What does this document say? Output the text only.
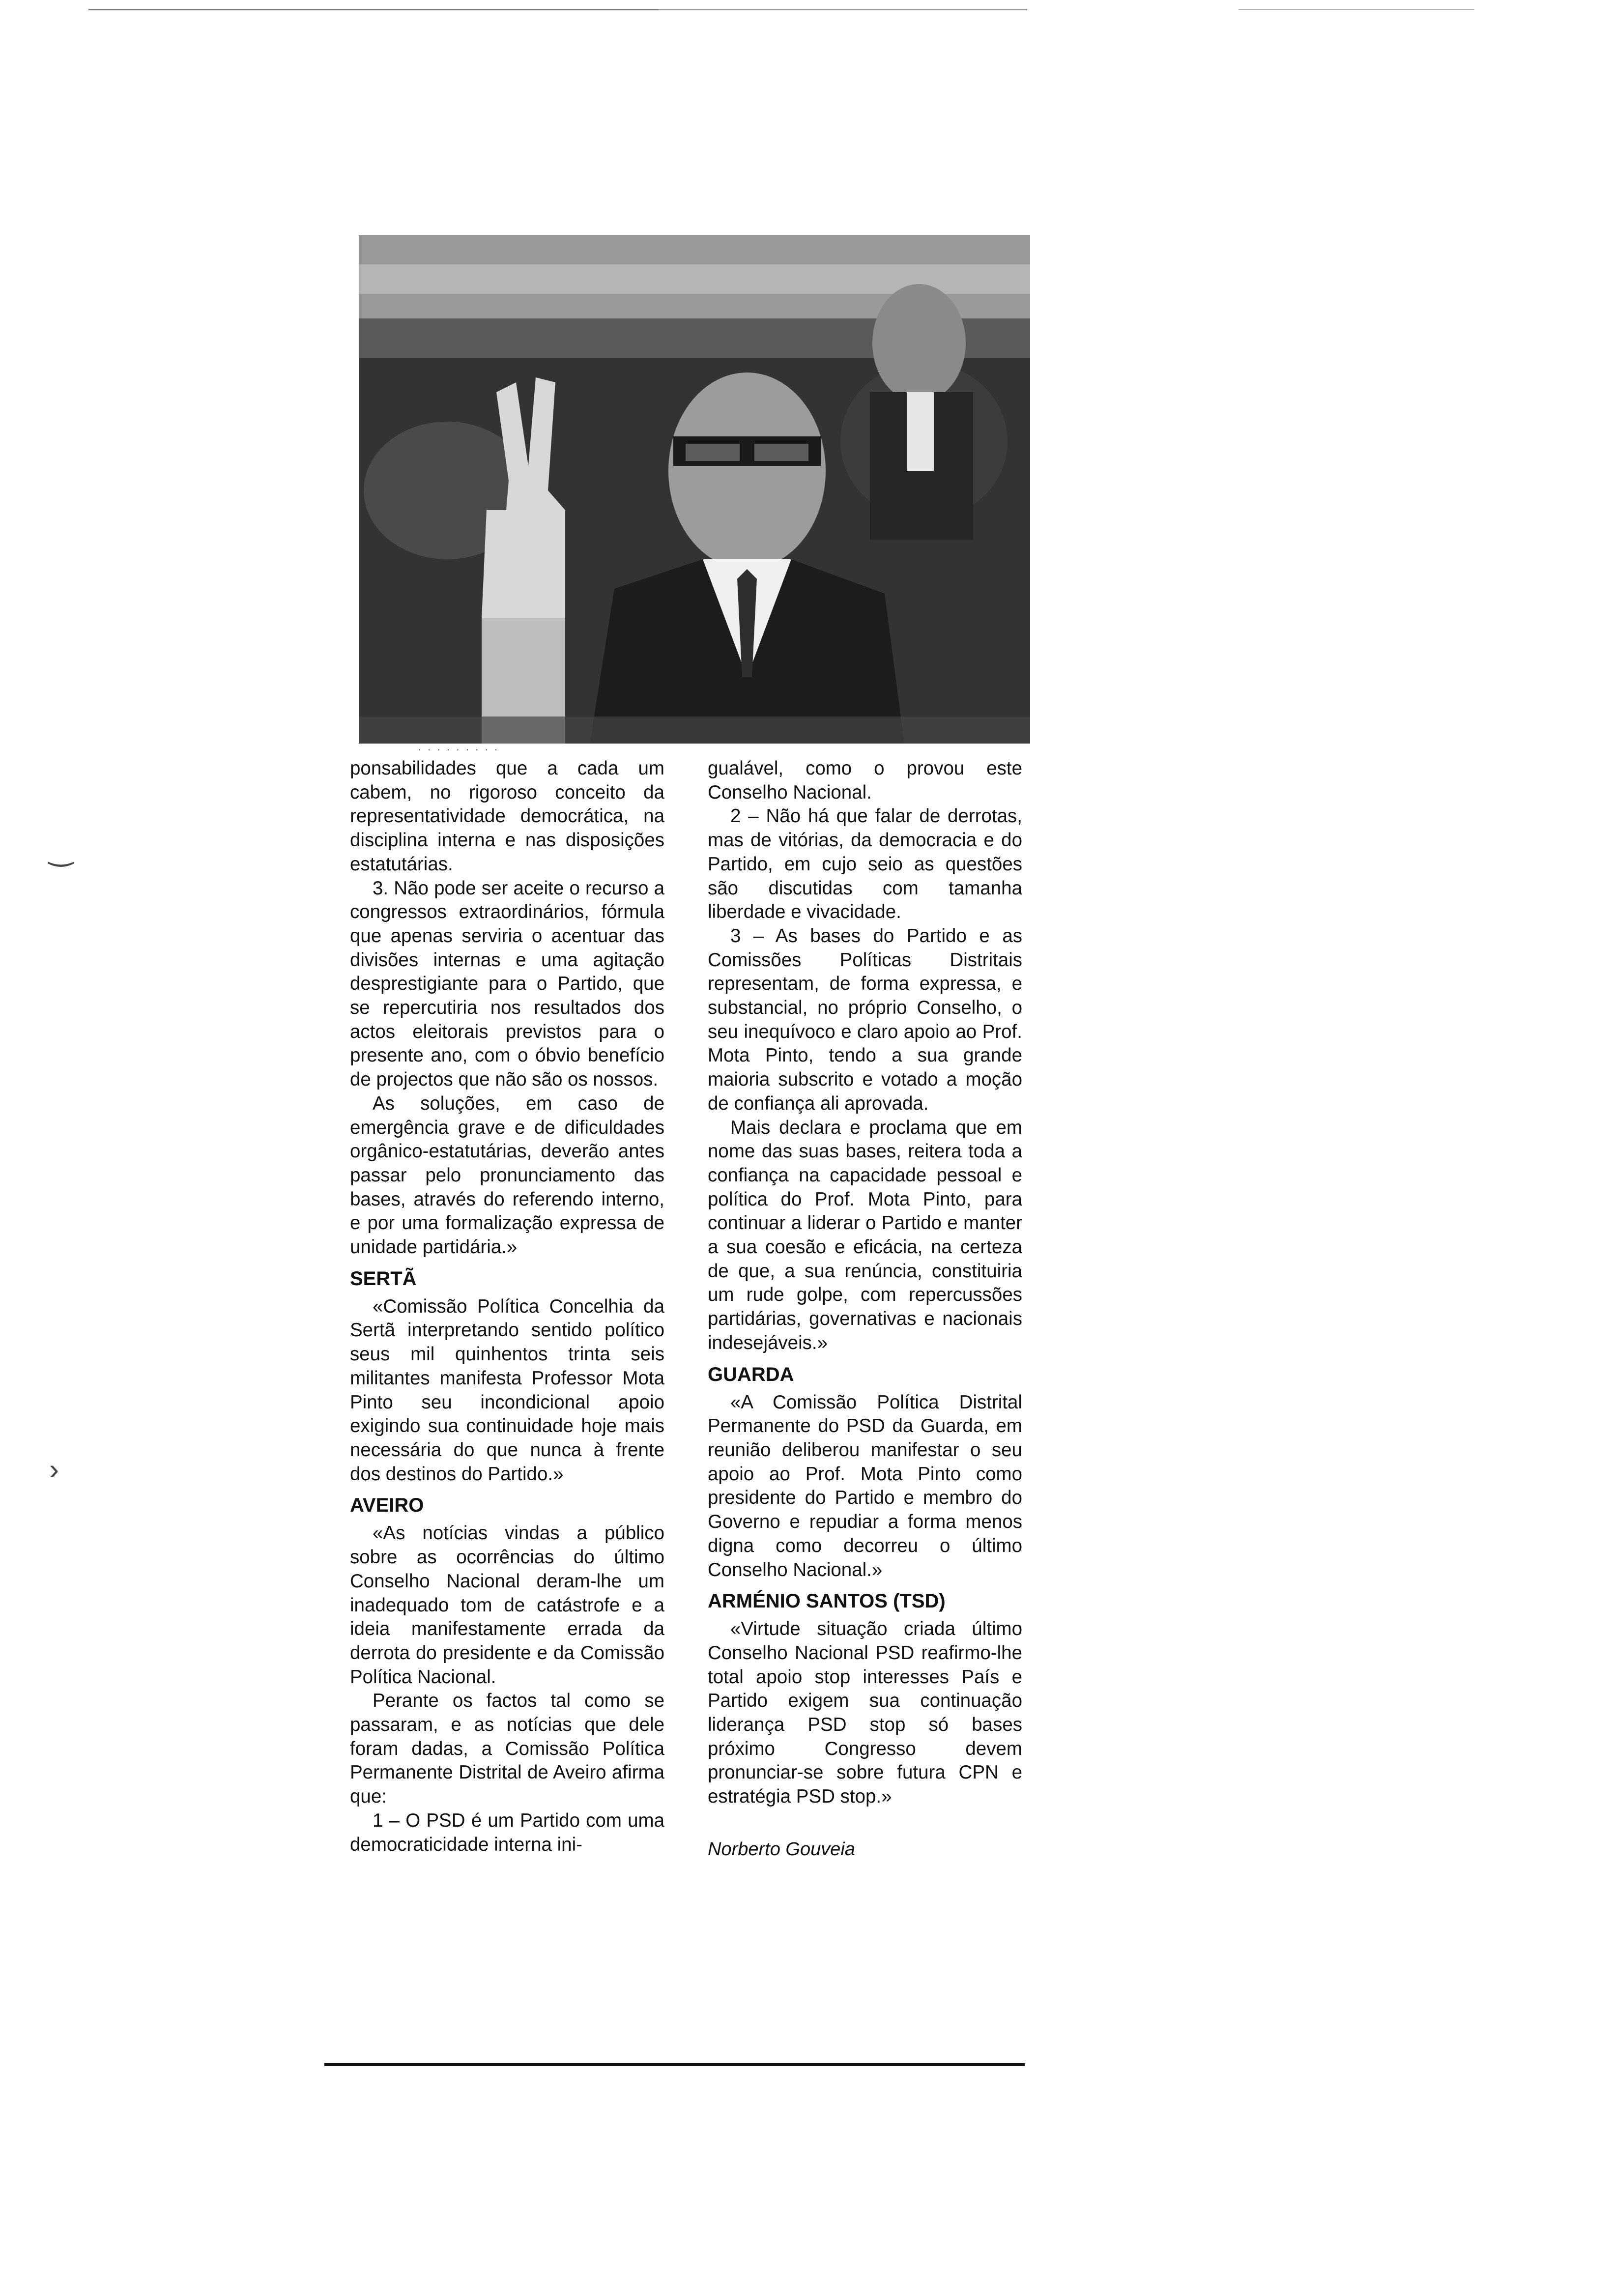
· · · · · · · · ·

ponsabilidades que a cada um cabem, no rigoroso conceito da representatividade democrática, na disciplina interna e nas disposições estatutárias.

3. Não pode ser aceite o recurso a congressos extraordinários, fórmula que apenas serviria o acentuar das divisões internas e uma agitação desprestigiante para o Partido, que se repercutiria nos resultados dos actos eleitorais previstos para o presente ano, com o óbvio benefício de projectos que não são os nossos.

As soluções, em caso de emergência grave e de dificuldades orgânico-estatutárias, deverão antes passar pelo pronunciamento das bases, através do referendo interno, e por uma formalização expressa de unidade partidária.»

SERTÃ

«Comissão Política Concelhia da Sertã interpretando sentido político seus mil quinhentos trinta seis militantes manifesta Professor Mota Pinto seu incondicional apoio exigindo sua continuidade hoje mais necessária do que nunca à frente dos destinos do Partido.»

AVEIRO

«As notícias vindas a público sobre as ocorrências do último Conselho Nacional deram-lhe um inadequado tom de catástrofe e a ideia manifestamente errada da derrota do presidente e da Comissão Política Nacional.

Perante os factos tal como se passaram, e as notícias que dele foram dadas, a Comissão Política Permanente Distrital de Aveiro afirma que:

1 – O PSD é um Partido com uma democraticidade interna ini-

gualável, como o provou este Conselho Nacional.

2 – Não há que falar de derrotas, mas de vitórias, da democracia e do Partido, em cujo seio as questões são discutidas com tamanha liberdade e vivacidade.

3 – As bases do Partido e as Comissões Políticas Distritais representam, de forma expressa, e substancial, no próprio Conselho, o seu inequívoco e claro apoio ao Prof. Mota Pinto, tendo a sua grande maioria subscrito e votado a moção de confiança ali aprovada.

Mais declara e proclama que em nome das suas bases, reitera toda a confiança na capacidade pessoal e política do Prof. Mota Pinto, para continuar a liderar o Partido e manter a sua coesão e eficácia, na certeza de que, a sua renúncia, constituiria um rude golpe, com repercussões partidárias, governativas e nacionais indesejáveis.»

GUARDA

«A Comissão Política Distrital Permanente do PSD da Guarda, em reunião deliberou manifestar o seu apoio ao Prof. Mota Pinto como presidente do Partido e membro do Governo e repudiar a forma menos digna como decorreu o último Conselho Nacional.»

ARMÉNIO SANTOS (TSD)

«Virtude situação criada último Conselho Nacional PSD reafirmo-lhe total apoio stop interesses País e Partido exigem sua continuação liderança PSD stop só bases próximo Congresso devem pronunciar-se sobre futura CPN e estratégia PSD stop.»

Norberto Gouveia

‿
›
